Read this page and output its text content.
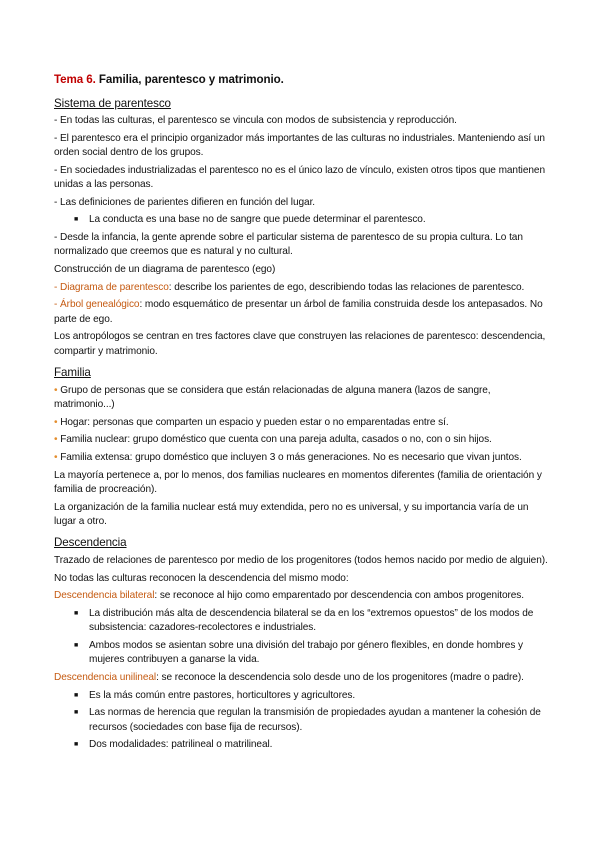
Tema 6. Familia, parentesco y matrimonio.
Sistema de parentesco
- En todas las culturas, el parentesco se vincula con modos de subsistencia y reproducción.
- El parentesco era el principio organizador más importantes de las culturas no industriales. Manteniendo así un orden social dentro de los grupos.
- En sociedades industrializadas el parentesco no es el único lazo de vínculo, existen otros tipos que mantienen unidas a las personas.
- Las definiciones de parientes difieren en función del lugar.
■	La conducta es una base no de sangre que puede determinar el parentesco.
- Desde la infancia, la gente aprende sobre el particular sistema de parentesco de su propia cultura. Lo tan normalizado que creemos que es natural y no cultural.
Construcción de un diagrama de parentesco (ego)
- Diagrama de parentesco: describe los parientes de ego, describiendo todas las relaciones de parentesco.
- Árbol genealógico: modo esquemático de presentar un árbol de familia construida desde los antepasados. No parte de ego.
Los antropólogos se centran en tres factores clave que construyen las relaciones de parentesco: descendencia, compartir y matrimonio.
Familia
• Grupo de personas que se considera que están relacionadas de alguna manera (lazos de sangre, matrimonio...)
• Hogar: personas que comparten un espacio y pueden estar o no emparentadas entre sí.
• Familia nuclear: grupo doméstico que cuenta con una pareja adulta, casados o no, con o sin hijos.
• Familia extensa: grupo doméstico que incluyen 3 o más generaciones. No es necesario que vivan juntos.
La mayoría pertenece a, por lo menos, dos familias nucleares en momentos diferentes (familia de orientación y familia de procreación).
La organización de la familia nuclear está muy extendida, pero no es universal, y su importancia varía de un lugar a otro.
Descendencia
Trazado de relaciones de parentesco por medio de los progenitores (todos hemos nacido por medio de alguien).
No todas las culturas reconocen la descendencia del mismo modo:
Descendencia bilateral: se reconoce al hijo como emparentado por descendencia con ambos progenitores.
■	La distribución más alta de descendencia bilateral se da en los “extremos opuestos” de los modos de subsistencia: cazadores-recolectores e industriales.
■	Ambos modos se asientan sobre una división del trabajo por género flexibles, en donde hombres y mujeres contribuyen a ganarse la vida.
Descendencia unilineal: se reconoce la descendencia solo desde uno de los progenitores (madre o padre).
■	Es la más común entre pastores, horticultores y agricultores.
■	Las normas de herencia que regulan la transmisión de propiedades ayudan a mantener la cohesión de recursos (sociedades con base fija de recursos).
■	Dos modalidades: patrilineal o matrilineal.
